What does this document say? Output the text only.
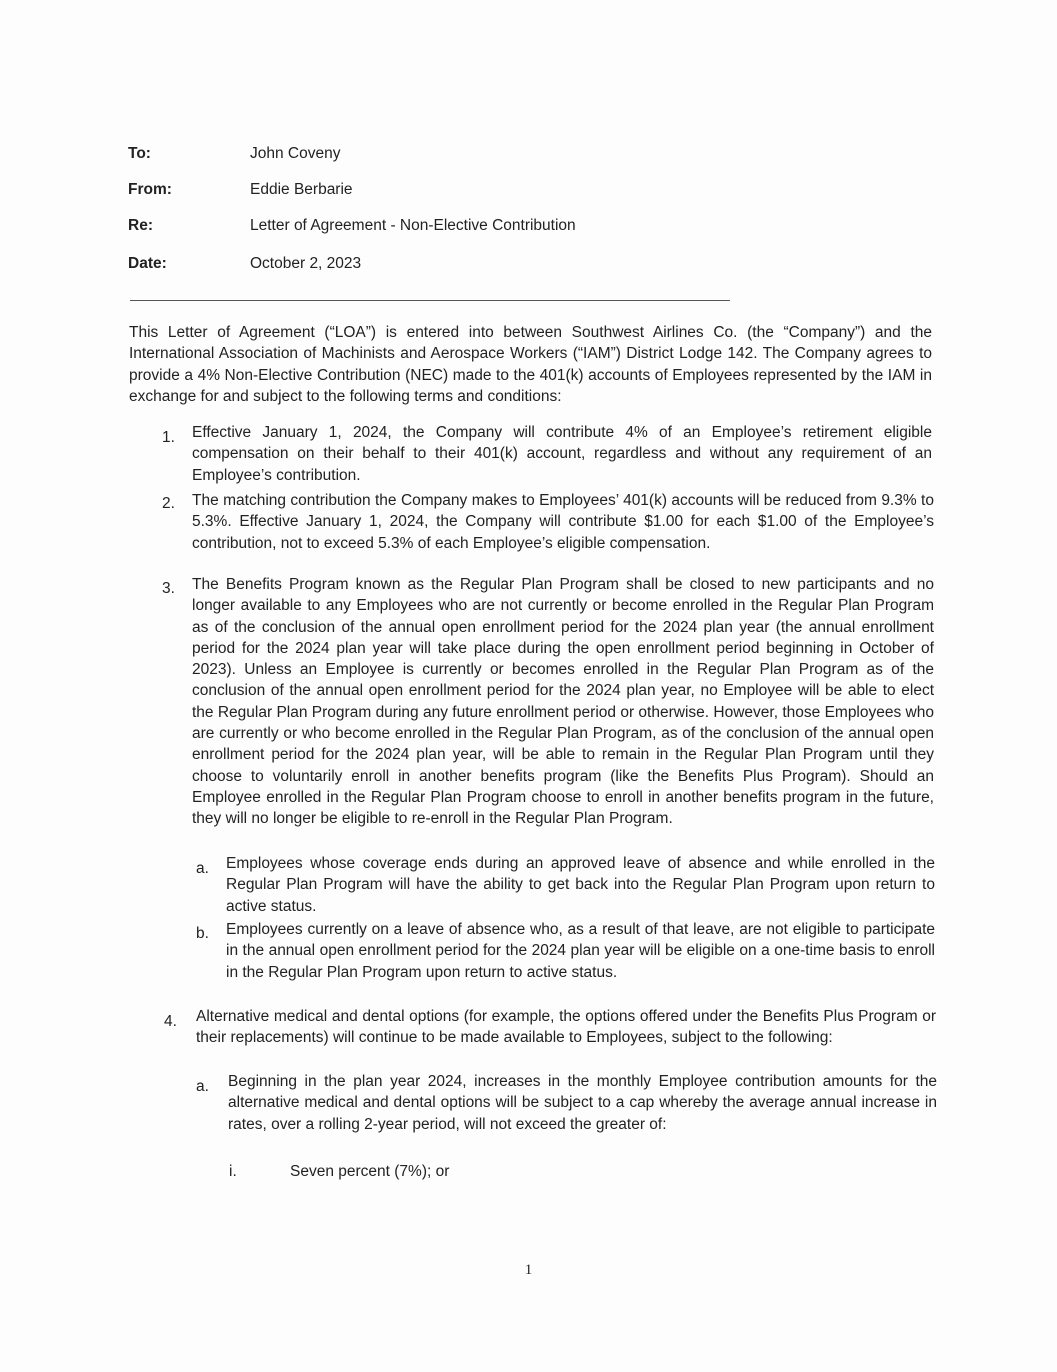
To:	John Coveny
From:	Eddie Berbarie
Re:	Letter of Agreement - Non-Elective Contribution
Date:	October 2, 2023
This Letter of Agreement (“LOA”) is entered into between Southwest Airlines Co. (the “Company”) and the International Association of Machinists and Aerospace Workers (“IAM”) District Lodge 142. The Company agrees to provide a 4% Non-Elective Contribution (NEC) made to the 401(k) accounts of Employees represented by the IAM in exchange for and subject to the following terms and conditions:
1. Effective January 1, 2024, the Company will contribute 4% of an Employee’s retirement eligible compensation on their behalf to their 401(k) account, regardless and without any requirement of an Employee’s contribution.
2. The matching contribution the Company makes to Employees’ 401(k) accounts will be reduced from 9.3% to 5.3%. Effective January 1, 2024, the Company will contribute $1.00 for each $1.00 of the Employee’s contribution, not to exceed 5.3% of each Employee’s eligible compensation.
3. The Benefits Program known as the Regular Plan Program shall be closed to new participants and no longer available to any Employees who are not currently or become enrolled in the Regular Plan Program as of the conclusion of the annual open enrollment period for the 2024 plan year (the annual enrollment period for the 2024 plan year will take place during the open enrollment period beginning in October of 2023). Unless an Employee is currently or becomes enrolled in the Regular Plan Program as of the conclusion of the annual open enrollment period for the 2024 plan year, no Employee will be able to elect the Regular Plan Program during any future enrollment period or otherwise. However, those Employees who are currently or who become enrolled in the Regular Plan Program, as of the conclusion of the annual open enrollment period for the 2024 plan year, will be able to remain in the Regular Plan Program until they choose to voluntarily enroll in another benefits program (like the Benefits Plus Program). Should an Employee enrolled in the Regular Plan Program choose to enroll in another benefits program in the future, they will no longer be eligible to re-enroll in the Regular Plan Program.
a. Employees whose coverage ends during an approved leave of absence and while enrolled in the Regular Plan Program will have the ability to get back into the Regular Plan Program upon return to active status.
b. Employees currently on a leave of absence who, as a result of that leave, are not eligible to participate in the annual open enrollment period for the 2024 plan year will be eligible on a one-time basis to enroll in the Regular Plan Program upon return to active status.
4. Alternative medical and dental options (for example, the options offered under the Benefits Plus Program or their replacements) will continue to be made available to Employees, subject to the following:
a. Beginning in the plan year 2024, increases in the monthly Employee contribution amounts for the alternative medical and dental options will be subject to a cap whereby the average annual increase in rates, over a rolling 2-year period, will not exceed the greater of:
i.	Seven percent (7%); or
1
